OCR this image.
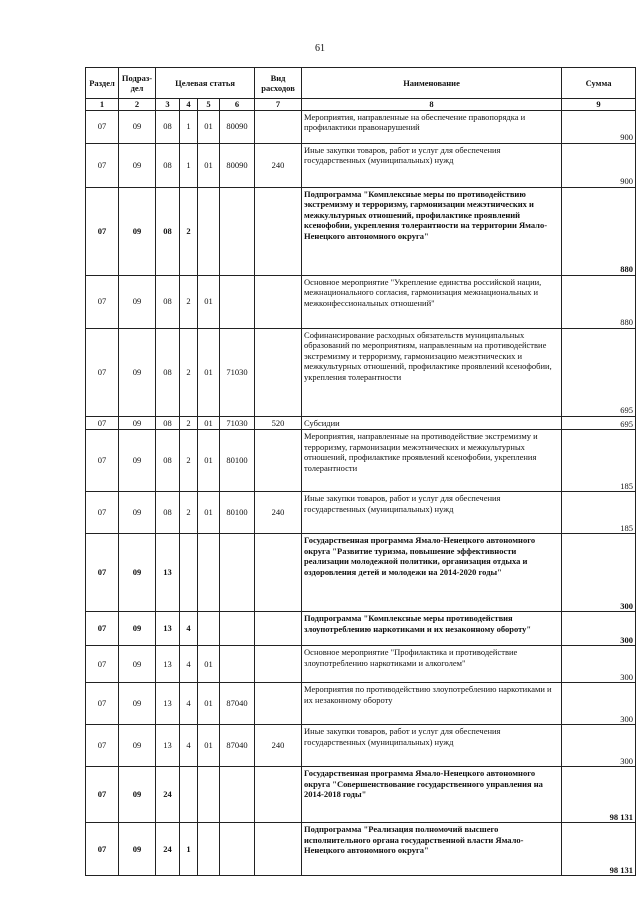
61
Раздел	Подраз-дел	Целевая статья				Вид расходов	Наименование	Сумма
1	2	3	4	5	6	7	8	9
07	09	08	1	01	80090		Мероприятия, направленные на обеспечение правопорядка и профилактики правонарушений	900
07	09	08	1	01	80090	240	Иные закупки товаров, работ и услуг для обеспечения государственных (муниципальных) нужд	900
07	09	08	2				Подпрограмма "Комплексные меры по противодействию экстремизму и терроризму, гармонизации межэтнических и межкультурных отношений, профилактике проявлений ксенофобии, укрепления толерантности на территории Ямало-Ненецкого автономного округа"	880
07	09	08	2	01			Основное мероприятие "Укрепление единства российской нации, межнационального согласия, гармонизация межнациональных и межконфессиональных отношений"	880
07	09	08	2	01	71030		Софинансирование расходных обязательств муниципальных образований по мероприятиям, направленным на противодействие экстремизму и терроризму, гармонизацию межэтнических и межкультурных отношений, профилактике проявлений ксенофобии, укрепления толерантности	695
07	09	08	2	01	71030	520	Субсидии	695
07	09	08	2	01	80100		Мероприятия, направленные на противодействие экстремизму и терроризму, гармонизации межэтнических и межкультурных отношений, профилактике проявлений ксенофобии, укрепления толерантности	185
07	09	08	2	01	80100	240	Иные закупки товаров, работ и услуг для обеспечения государственных (муниципальных) нужд	185
07	09	13					Государственная программа Ямало-Ненецкого автономного округа "Развитие туризма, повышение эффективности реализации молодежной политики, организация отдыха и оздоровления детей и молодежи на 2014-2020 годы"	300
07	09	13	4				Подпрограмма "Комплексные меры противодействия злоупотреблению наркотиками и их незаконному обороту"	300
07	09	13	4	01			Основное мероприятие "Профилактика и противодействие злоупотреблению наркотиками и алкоголем"	300
07	09	13	4	01	87040		Мероприятия по противодействию злоупотреблению наркотиками и их незаконному обороту	300
07	09	13	4	01	87040	240	Иные закупки товаров, работ и услуг для обеспечения государственных (муниципальных) нужд	300
07	09	24					Государственная программа Ямало-Ненецкого автономного округа "Совершенствование государственного управления на 2014-2018 годы"	98 131
07	09	24	1				Подпрограмма "Реализация полномочий высшего исполнительного органа государственной власти Ямало-Ненецкого автономного округа"	98 131
